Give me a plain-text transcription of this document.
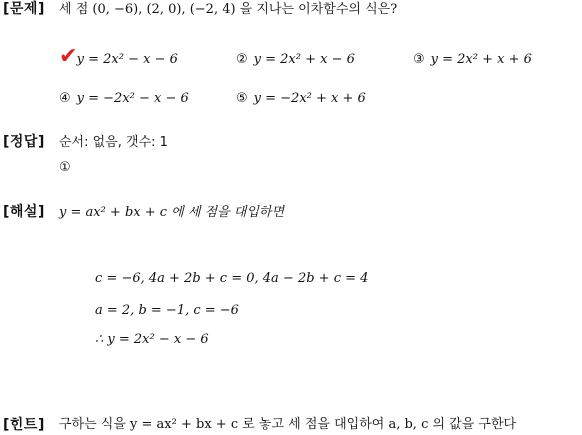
[문제] 세 점 (0, −6), (2, 0), (−2, 4) 을 지나는 이차함수의 식은?
✔ y = 2x² − x − 6	② y = 2x² + x − 6	③ y = 2x² + x + 6
④ y = −2x² − x − 6	⑤ y = −2x² + x + 6
[정답] 순서: 없음, 갯수: 1
①
[해설] y = ax² + bx + c 에 세 점을 대입하면
c = −6, 4a + 2b + c = 0, 4a − 2b + c = 4
a = 2, b = −1, c = −6
∴ y = 2x² − x − 6
[힌트] 구하는 식을 y = ax² + bx + c 로 놓고 세 점을 대입하여 a, b, c 의 값을 구한다
